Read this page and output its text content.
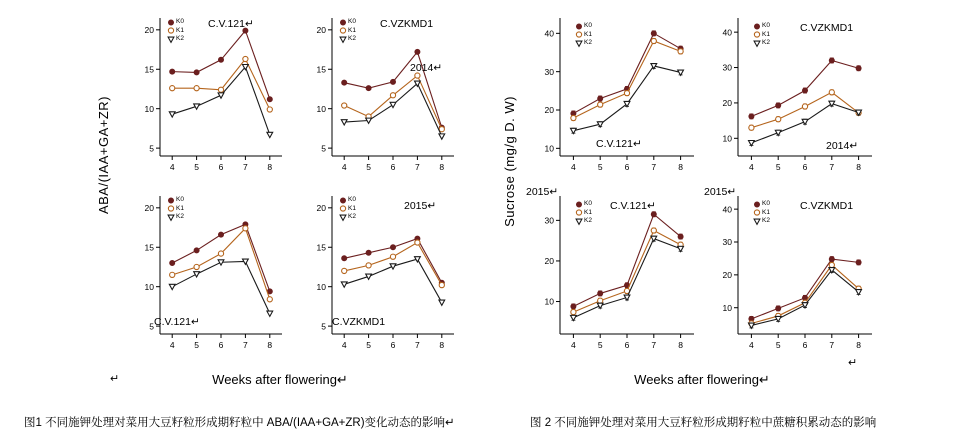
ABA/(IAA+GA+ZR)
Weeks after flowering↵
↵
图1 不同施钾处理对菜用大豆籽粒形成期籽粒中 ABA/(IAA+GA+ZR)变化动态的影响↵
5
10
15
20
4 5 6 7 8
K0
K1
K2
C.V.121↵
5
10
15
20
4 5 6 7 8
K0
K1
K2
C.VZKMD1
2014↵
5
10
15
20
4 5 6 7 8
K0
K1
K2
C.V.121↵	5
10
15
20
4 5 6 7 8
K0
K1
K2
C.VZKMD1
2015↵	Sucrose (mg/g D. W)
Weeks after flowering↵
↵
图 2 不同施钾处理对菜用大豆籽粒形成期籽粒中蔗糖积累动态的影响
10
20
30
40
4	5	6	7	8
K0
K1
K2
C.V.121↵	10
20
30
40
4	5	6	7	8
K0
K1
K2
C.VZKMD1
2014↵
10
20
30
4	5	6	7	8
K0
K1
K2
C.V.121↵
2015↵
10
20
30
40
4	5	6	7	8
K0
K1
K2
C.VZKMD1
2015↵
